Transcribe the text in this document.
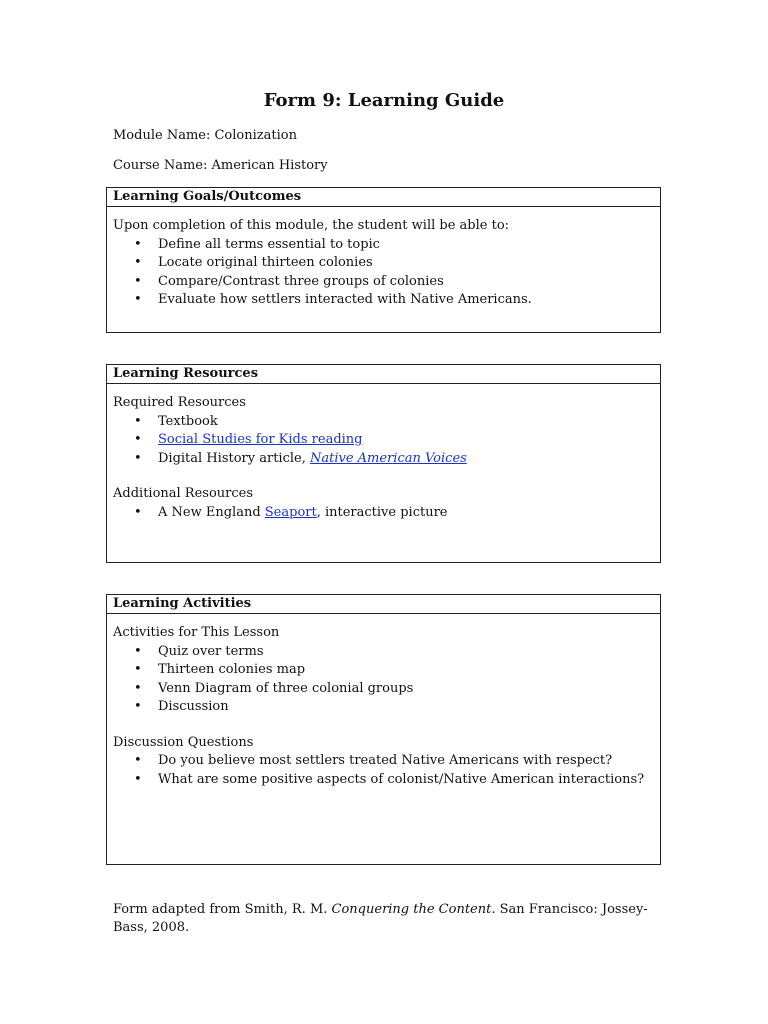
Form 9: Learning Guide
Module Name: Colonization
Course Name: American History
Learning Goals/Outcomes

Upon completion of this module, the student will be able to:

• Define all terms essential to topic
• Locate original thirteen colonies
• Compare/Contrast three groups of colonies
• Evaluate how settlers interacted with Native Americans.
Learning Resources

Required Resources

• Textbook
• Social Studies for Kids reading
• Digital History article, Native American Voices

Additional Resources

• A New England Seaport, interactive picture
Learning Activities

Activities for This Lesson

• Quiz over terms
• Thirteen colonies map
• Venn Diagram of three colonial groups
• Discussion

Discussion Questions

• Do you believe most settlers treated Native Americans with respect?
• What are some positive aspects of colonist/Native American interactions?
Form adapted from Smith, R. M. Conquering the Content. San Francisco: Jossey-Bass, 2008.
